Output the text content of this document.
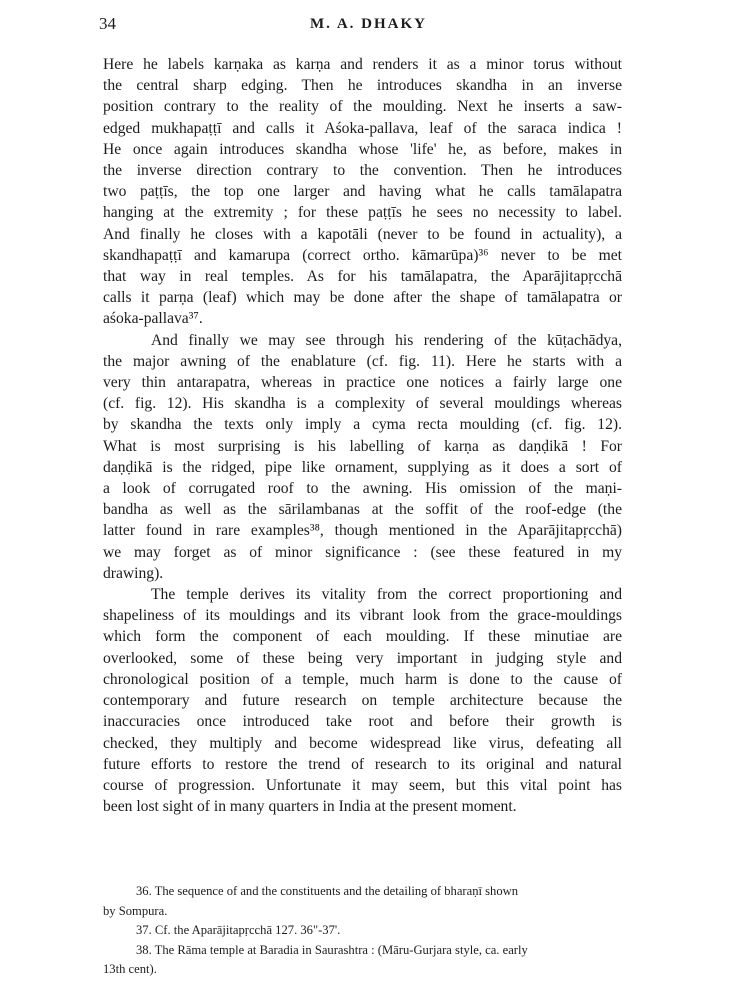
34	M. A. DHAKY

Here he labels karṇaka as karṇa and renders it as a minor torus without
the central sharp edging. Then he introduces skandha in an inverse
position contrary to the reality of the moulding. Next he inserts a saw-
edged mukhapaṭṭī and calls it Aśoka-pallava, leaf of the saraca indica !
He once again introduces skandha whose 'life' he, as before, makes in
the inverse direction contrary to the convention. Then he introduces
two paṭṭīs, the top one larger and having what he calls tamālapatra
hanging at the extremity ; for these paṭṭīs he sees no necessity to label.
And finally he closes with a kapotāli (never to be found in actuality), a
skandhapaṭṭī and kamarupa (correct ortho. kāmarūpa)³⁶ never to be met
that way in real temples. As for his tamālapatra, the Aparājitapṛcchā
calls it parṇa (leaf) which may be done after the shape of tamālapatra or
aśoka-pallava³⁷.

And finally we may see through his rendering of the kūṭachādya,
the major awning of the enablature (cf. fig. 11). Here he starts with a
very thin antarapatra, whereas in practice one notices a fairly large one
(cf. fig. 12). His skandha is a complexity of several mouldings whereas
by skandha the texts only imply a cyma recta moulding (cf. fig. 12).
What is most surprising is his labelling of karṇa as daṇḍikā ! For
daṇḍikā is the ridged, pipe like ornament, supplying as it does a sort of
a look of corrugated roof to the awning. His omission of the maṇi-
bandha as well as the sārilambanas at the soffit of the roof-edge (the
latter found in rare examples³⁸, though mentioned in the Aparājitapṛcchā)
we may forget as of minor significance : (see these featured in my
drawing).

The temple derives its vitality from the correct proportioning and
shapeliness of its mouldings and its vibrant look from the grace-mouldings
which form the component of each moulding. If these minutiae are
overlooked, some of these being very important in judging style and
chronological position of a temple, much harm is done to the cause of
contemporary and future research on temple architecture because the
inaccuracies once introduced take root and before their growth is
checked, they multiply and become widespread like virus, defeating all
future efforts to restore the trend of research to its original and natural
course of progression. Unfortunate it may seem, but this vital point has
been lost sight of in many quarters in India at the present moment.

36. The sequence of and the constituents and the detailing of bharaṇī shown
by Sompura.
37. Cf. the Aparājitapṛcchā 127. 36"-37'.
38. The Rāma temple at Baradia in Saurashtra : (Māru-Gurjara style, ca. early
13th cent).
